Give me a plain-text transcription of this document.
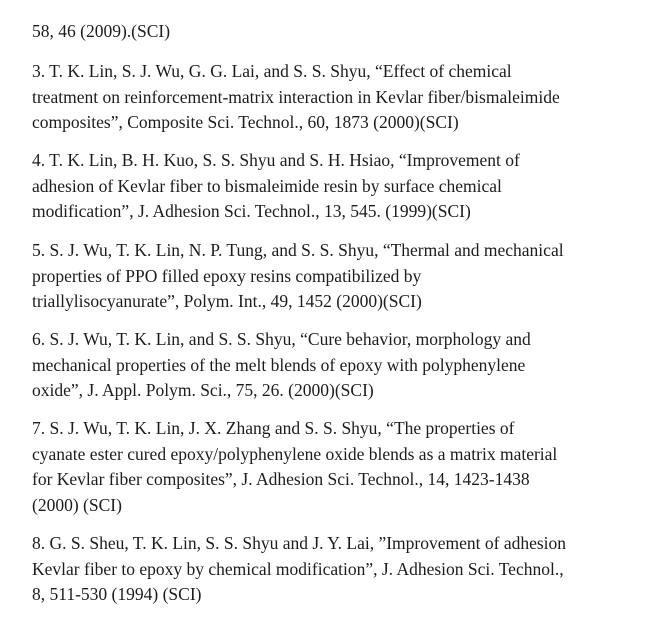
58, 46 (2009).(SCI)

3. T. K. Lin, S. J. Wu, G. G. Lai, and S. S. Shyu, “Effect of chemical
treatment on reinforcement-matrix interaction in Kevlar fiber/bismaleimide
composites”, Composite Sci. Technol., 60, 1873 (2000)(SCI)

4. T. K. Lin, B. H. Kuo, S. S. Shyu and S. H. Hsiao, “Improvement of
adhesion of Kevlar fiber to bismaleimide resin by surface chemical
modification”, J. Adhesion Sci. Technol., 13, 545. (1999)(SCI)

5. S. J. Wu, T. K. Lin, N. P. Tung, and S. S. Shyu, “Thermal and mechanical
properties of PPO filled epoxy resins compatibilized by
triallylisocyanurate”, Polym. Int., 49, 1452 (2000)(SCI)

6. S. J. Wu, T. K. Lin, and S. S. Shyu, “Cure behavior, morphology and
mechanical properties of the melt blends of epoxy with polyphenylene
oxide”, J. Appl. Polym. Sci., 75, 26. (2000)(SCI)

7. S. J. Wu, T. K. Lin, J. X. Zhang and S. S. Shyu, “The properties of
cyanate ester cured epoxy/polyphenylene oxide blends as a matrix material
for Kevlar fiber composites”, J. Adhesion Sci. Technol., 14, 1423-1438
(2000) (SCI)

8. G. S. Sheu, T. K. Lin, S. S. Shyu and J. Y. Lai, ”Improvement of adhesion
Kevlar fiber to epoxy by chemical modification”, J. Adhesion Sci. Technol.,
8, 511-530 (1994) (SCI)
